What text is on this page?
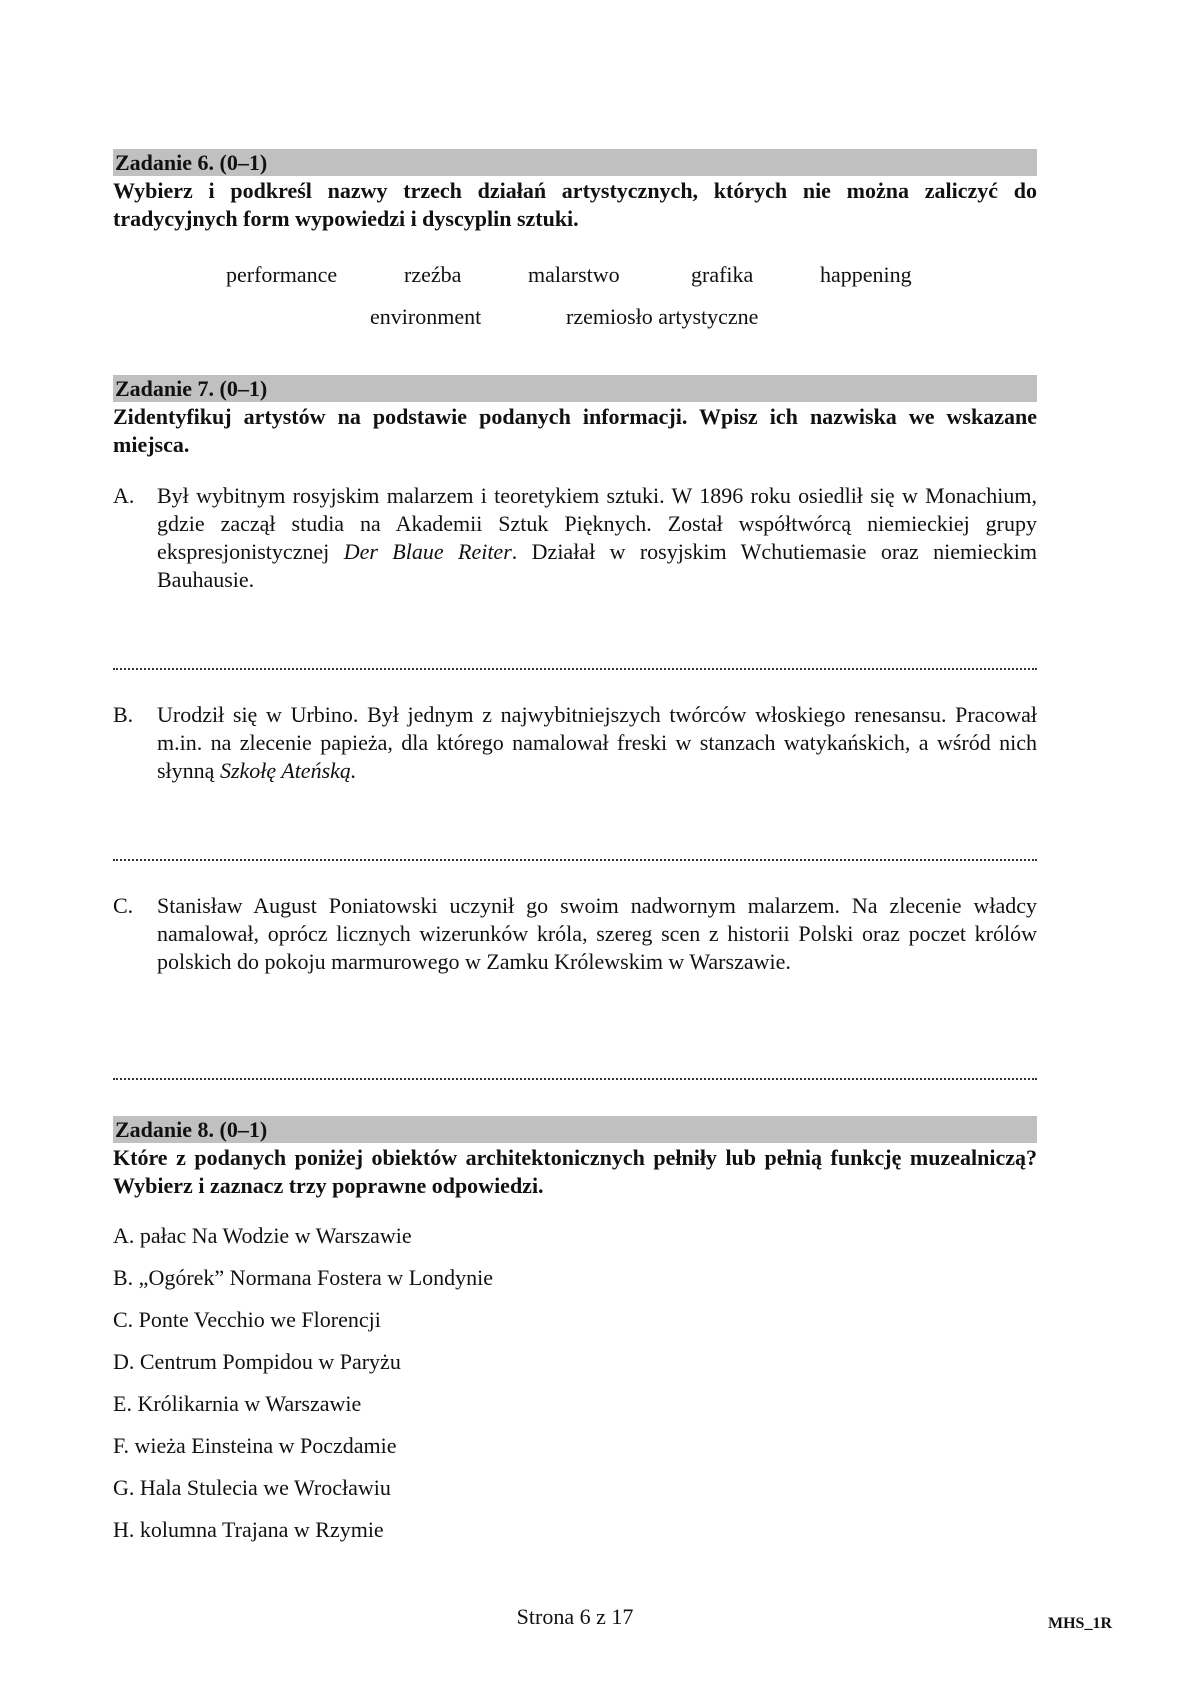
Zadanie 6. (0–1)
Wybierz i podkreśl nazwy trzech działań artystycznych, których nie można zaliczyć do tradycyjnych form wypowiedzi i dyscyplin sztuki.
performance	rzeźba	malarstwo	grafika	happening
environment	rzemiosło artystyczne
Zadanie 7. (0–1)
Zidentyfikuj artystów na podstawie podanych informacji. Wpisz ich nazwiska we wskazane miejsca.
A. Był wybitnym rosyjskim malarzem i teoretykiem sztuki. W 1896 roku osiedlił się w Monachium, gdzie zaczął studia na Akademii Sztuk Pięknych. Został współtwórcą niemieckiej grupy ekspresjonistycznej Der Blaue Reiter. Działał w rosyjskim Wchutiemasie oraz niemieckim Bauhausie.
B. Urodził się w Urbino. Był jednym z najwybitniejszych twórców włoskiego renesansu. Pracował m.in. na zlecenie papieża, dla którego namalował freski w stanzach watykańskich, a wśród nich słynną Szkołę Ateńską.
C. Stanisław August Poniatowski uczynił go swoim nadwornym malarzem. Na zlecenie władcy namalował, oprócz licznych wizerunków króla, szereg scen z historii Polski oraz poczet królów polskich do pokoju marmurowego w Zamku Królewskim w Warszawie.
Zadanie 8. (0–1)
Które z podanych poniżej obiektów architektonicznych pełniły lub pełnią funkcję muzealniczą? Wybierz i zaznacz trzy poprawne odpowiedzi.
A. pałac Na Wodzie w Warszawie
B. „Ogórek” Normana Fostera w Londynie
C. Ponte Vecchio we Florencji
D. Centrum Pompidou w Paryżu
E. Królikarnia w Warszawie
F. wieża Einsteina w Poczdamie
G. Hala Stulecia we Wrocławiu
H. kolumna Trajana w Rzymie
Strona 6 z 17	MHS_1R
